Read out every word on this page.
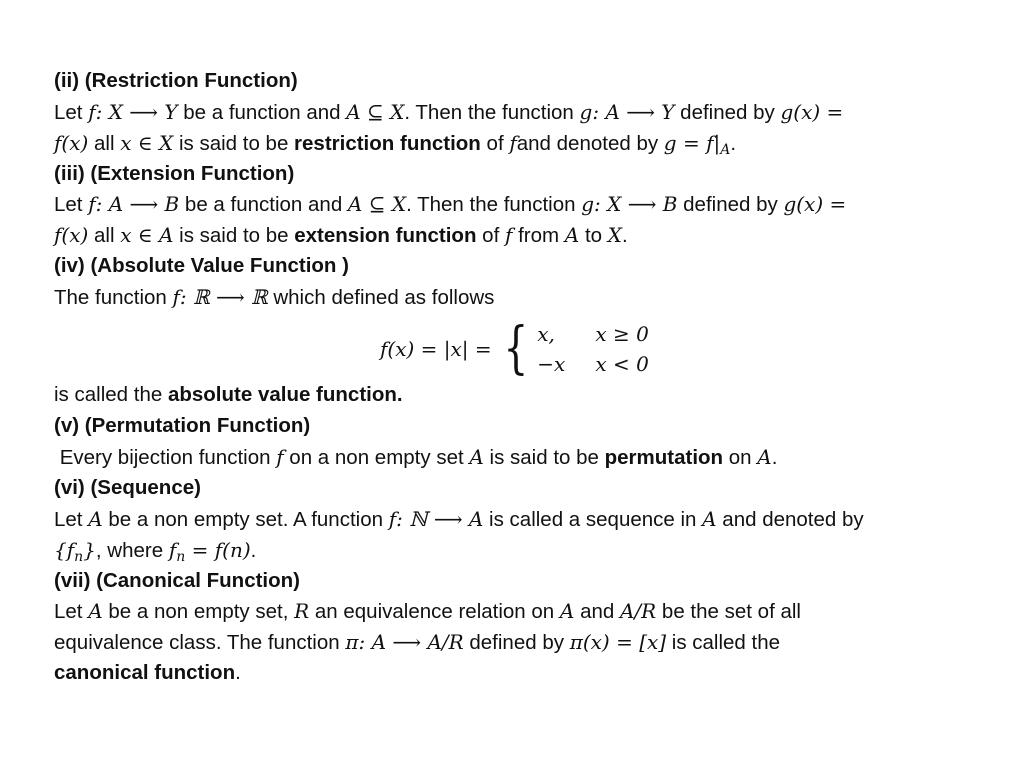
(ii) (Restriction Function)
Let f: X ⟶ Y be a function and A ⊆ X. Then the function g: A ⟶ Y defined by g(x) =
f(x) all x ∈ X is said to be restriction function of fand denoted by $g = f|_A$.
(iii) (Extension Function)
Let f: A ⟶ B be a function and A ⊆ X. Then the function g: X ⟶ B defined by g(x) =
f(x) all x ∈ A is said to be extension function of f from A to X.
(iv) (Absolute Value Function )
The function f: ℝ ⟶ ℝ which defined as follows
f(x) = |x| = { x,	x ≥ 0
−x x < 0
is called the absolute value function.
(v) (Permutation Function)
Every bijection function f on a non empty set A is said to be permutation on A.
(vi) (Sequence)
Let A be a non empty set. A function f: ℕ ⟶ A is called a sequence in A and denoted by
$\{f_n\}$, where $f_n = f(n)$.
(vii) (Canonical Function)
Let A be a non empty set, R an equivalence relation on A and A/R be the set of all
equivalence class. The function π: A ⟶ A/R defined by π(x) = [x] is called the
canonical function.
